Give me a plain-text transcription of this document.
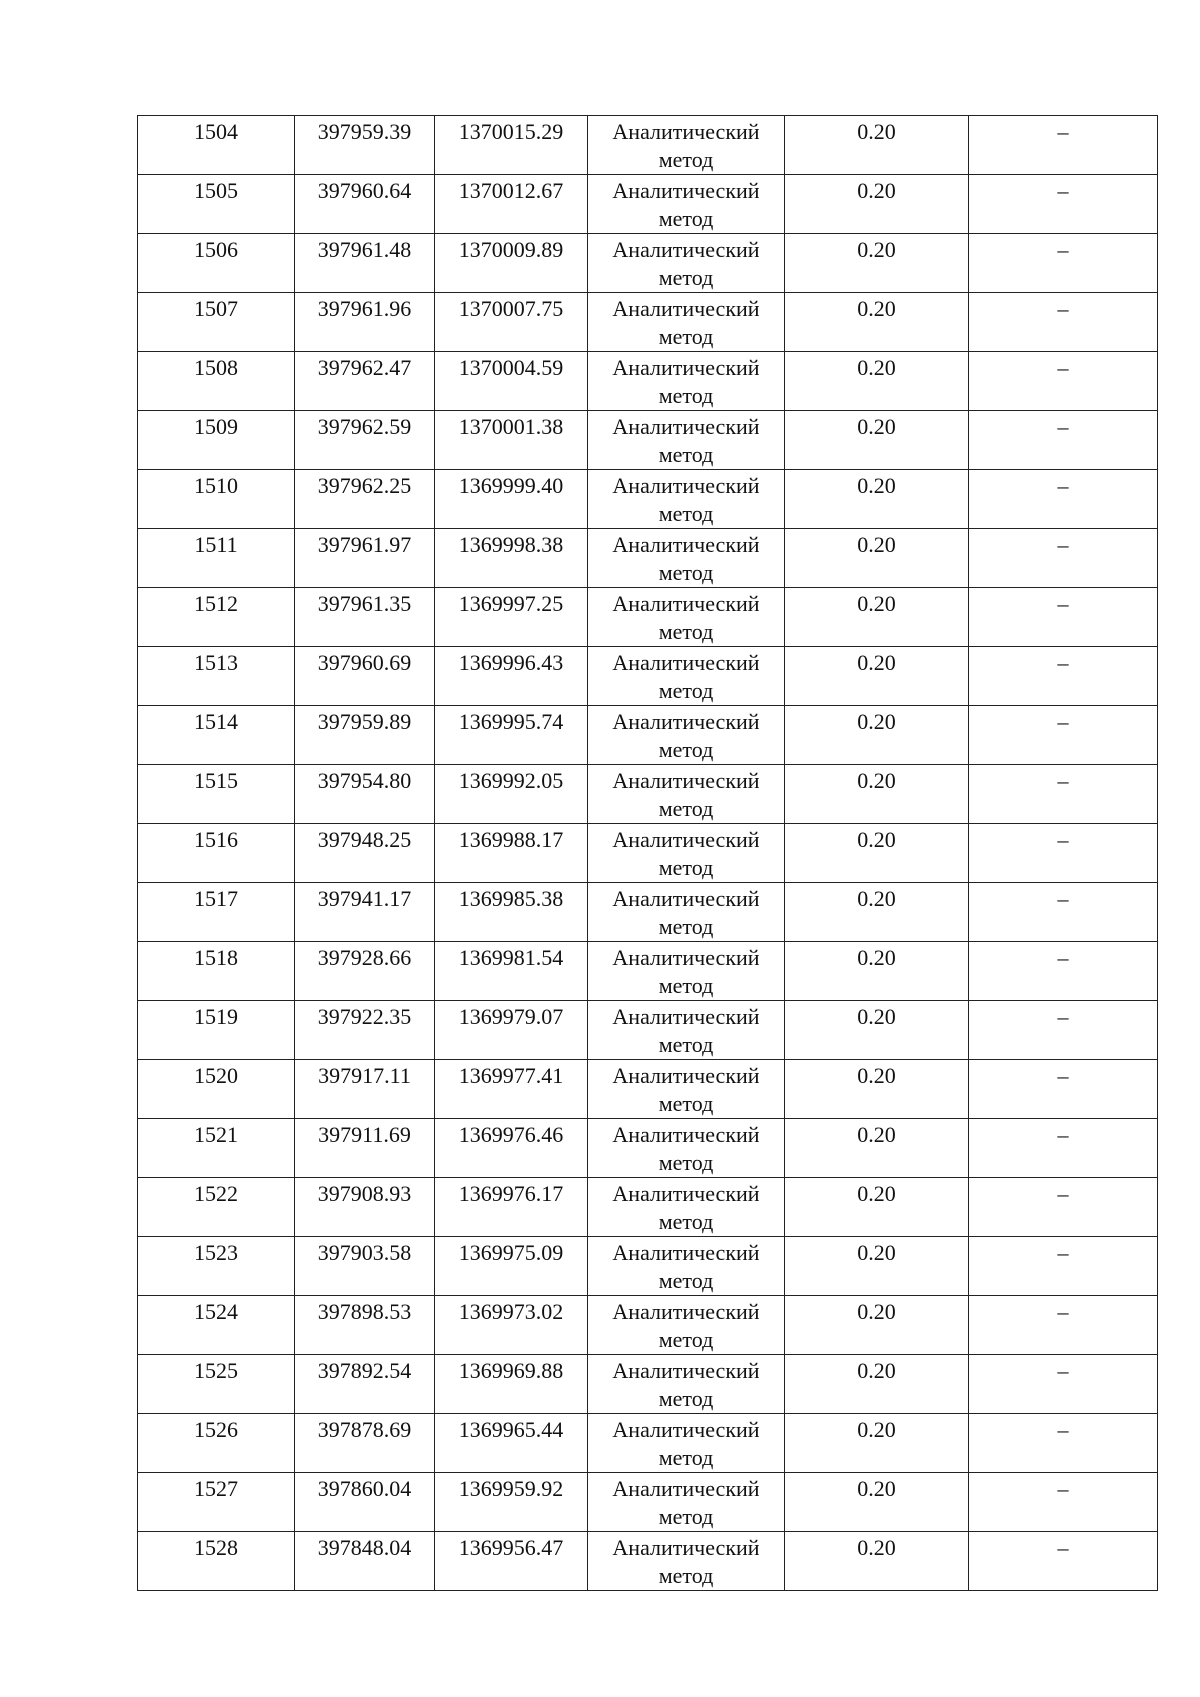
1504	397959.39	1370015.29	Аналитический
метод	0.20	–

1505	397960.64	1370012.67	Аналитический
метод	0.20	–

1506	397961.48	1370009.89	Аналитический
метод	0.20	–

1507	397961.96	1370007.75	Аналитический
метод	0.20	–

1508	397962.47	1370004.59	Аналитический
метод	0.20	–

1509	397962.59	1370001.38	Аналитический
метод	0.20	–

1510	397962.25	1369999.40	Аналитический
метод	0.20	–

1511	397961.97	1369998.38	Аналитический
метод	0.20	–

1512	397961.35	1369997.25	Аналитический
метод	0.20	–

1513	397960.69	1369996.43	Аналитический
метод	0.20	–

1514	397959.89	1369995.74	Аналитический
метод	0.20	–

1515	397954.80	1369992.05	Аналитический
метод	0.20	–

1516	397948.25	1369988.17	Аналитический
метод	0.20	–

1517	397941.17	1369985.38	Аналитический
метод	0.20	–

1518	397928.66	1369981.54	Аналитический
метод	0.20	–

1519	397922.35	1369979.07	Аналитический
метод	0.20	–

1520	397917.11	1369977.41	Аналитический
метод	0.20	–

1521	397911.69	1369976.46	Аналитический
метод	0.20	–

1522	397908.93	1369976.17	Аналитический
метод	0.20	–

1523	397903.58	1369975.09	Аналитический
метод	0.20	–

1524	397898.53	1369973.02	Аналитический
метод	0.20	–

1525	397892.54	1369969.88	Аналитический
метод	0.20	–

1526	397878.69	1369965.44	Аналитический
метод	0.20	–

1527	397860.04	1369959.92	Аналитический
метод	0.20	–

1528	397848.04	1369956.47	Аналитический
метод	0.20	–
